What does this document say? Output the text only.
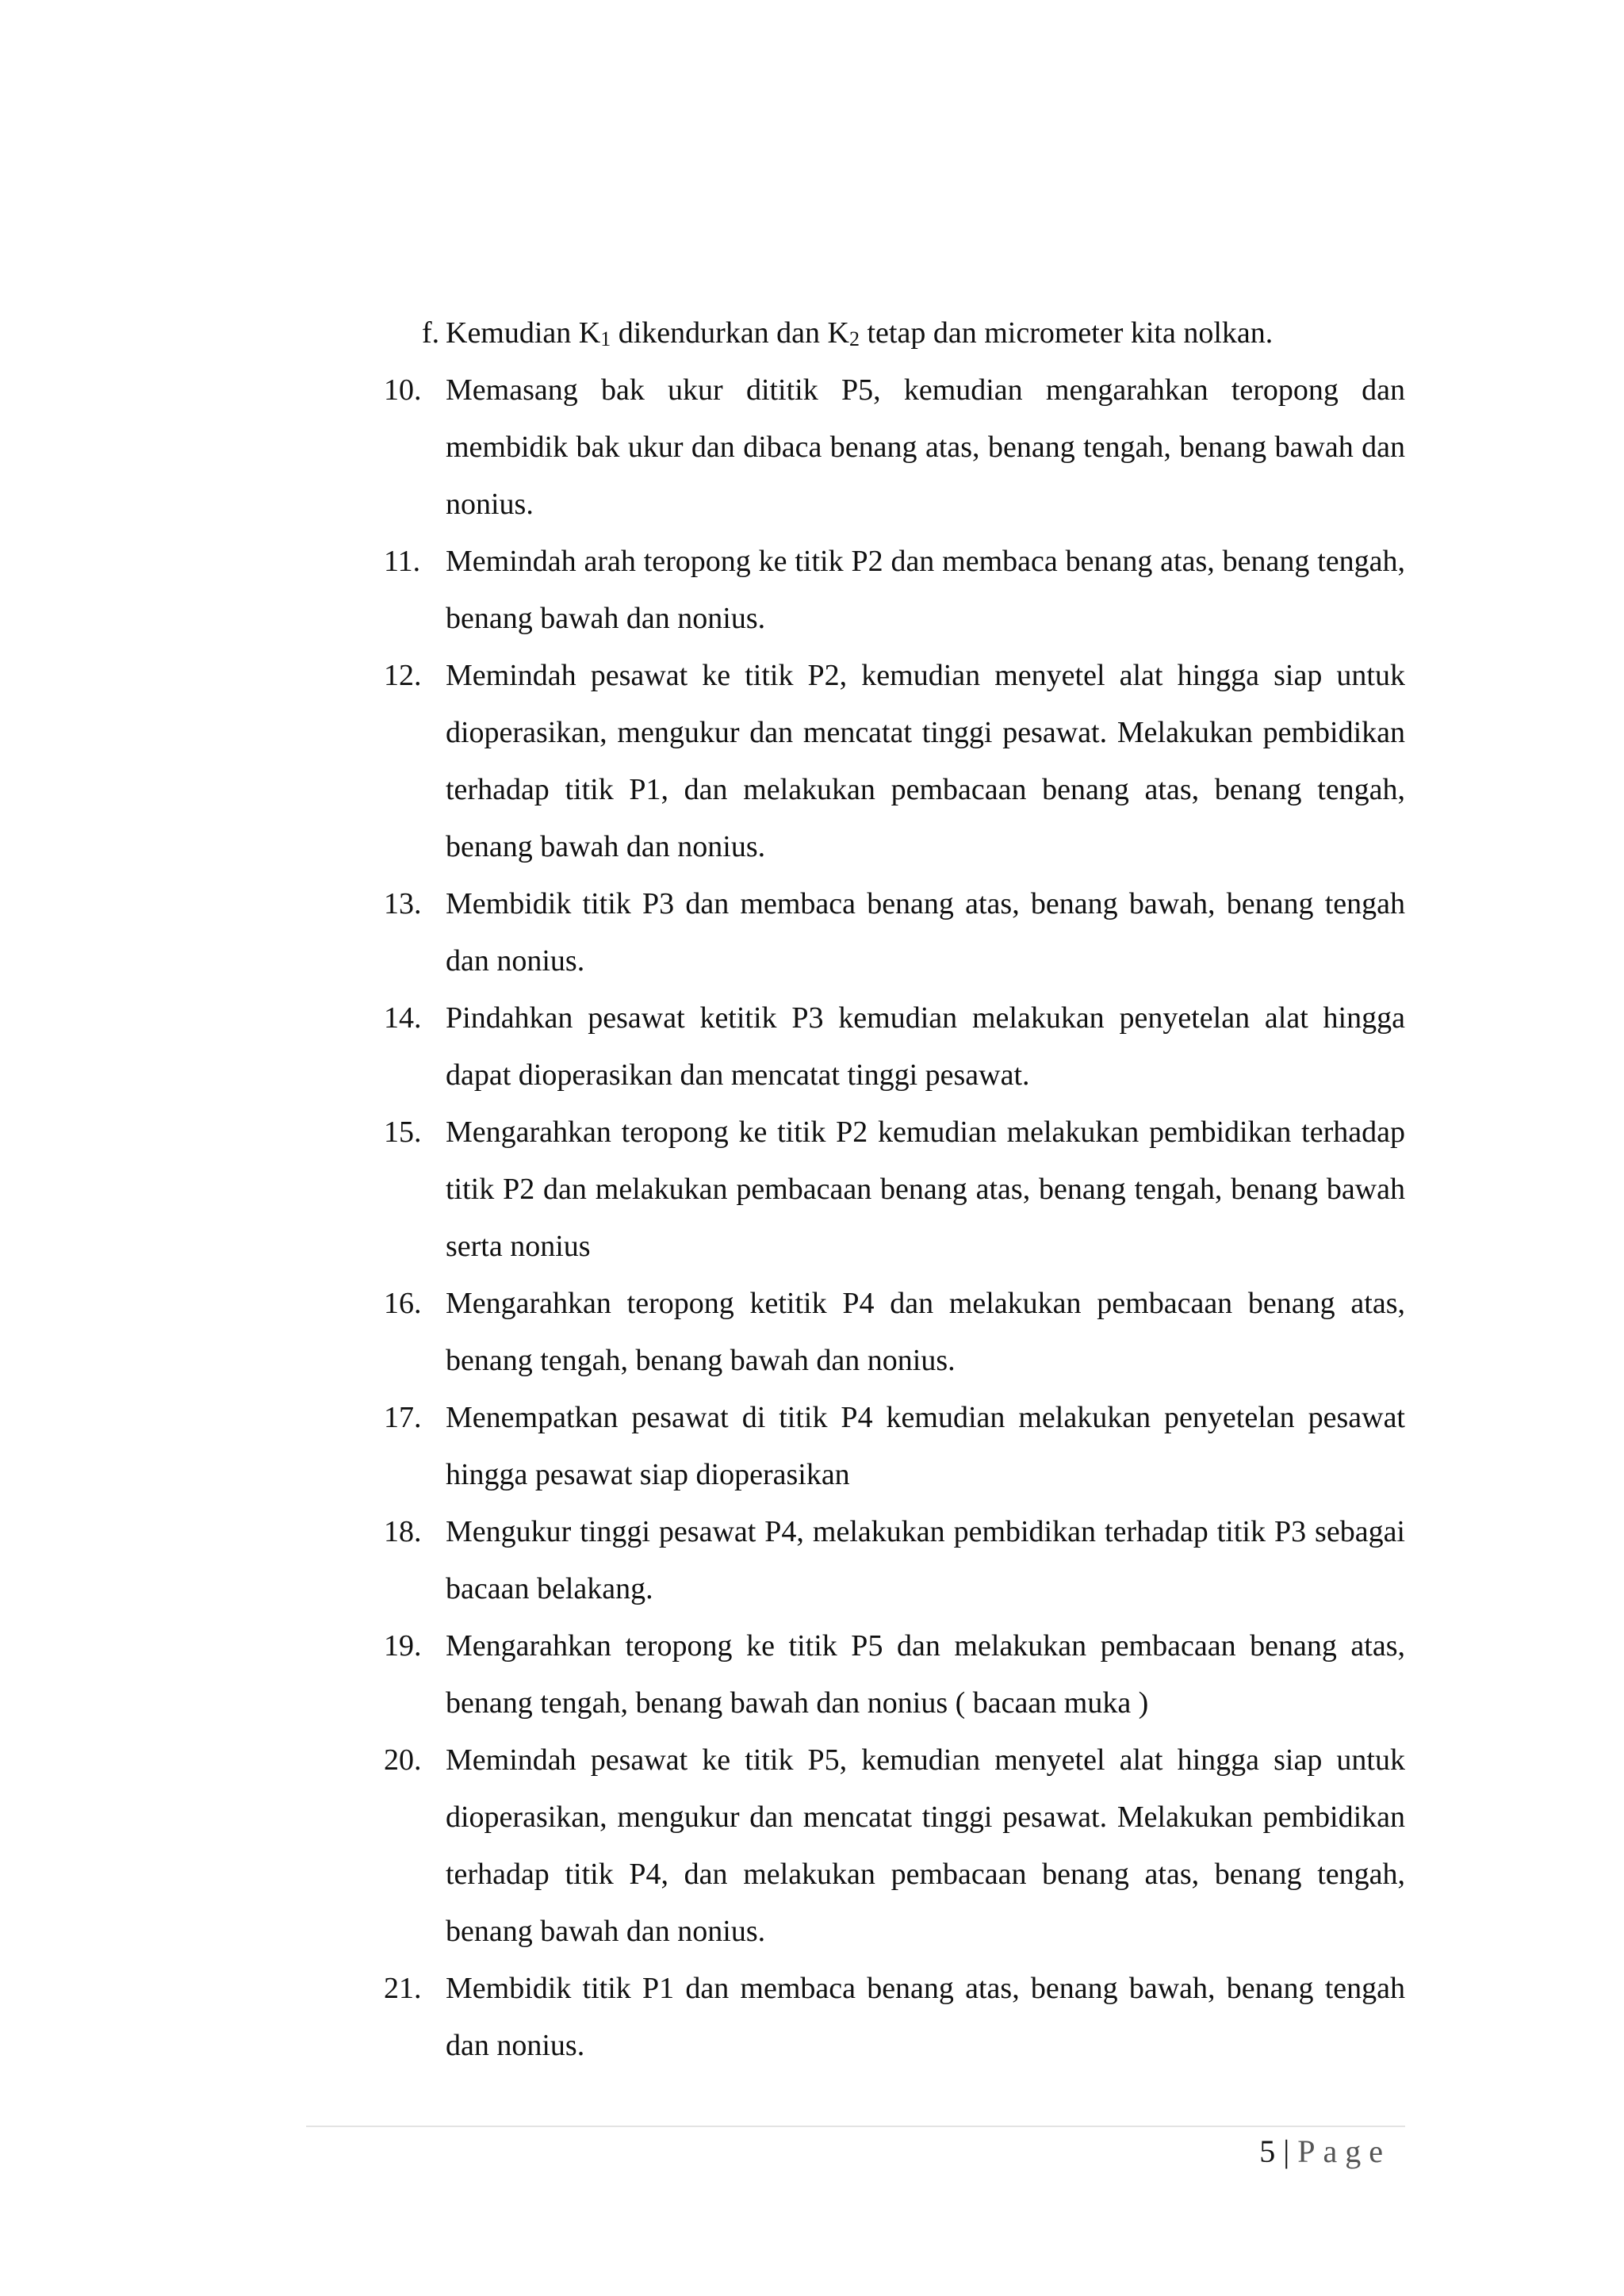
f. Kemudian $K_1$ dikendurkan dan $K_2$ tetap dan micrometer kita nolkan.
10. Memasang bak ukur dititik P5, kemudian mengarahkan teropong dan membidik bak ukur dan dibaca benang atas, benang tengah, benang bawah dan nonius.
11. Memindah arah teropong ke titik P2 dan membaca benang atas, benang tengah, benang bawah dan nonius.
12. Memindah pesawat ke titik P2, kemudian menyetel alat hingga siap untuk dioperasikan, mengukur dan mencatat tinggi pesawat. Melakukan pembidikan terhadap titik P1, dan melakukan pembacaan benang atas, benang tengah, benang bawah dan nonius.
13. Membidik titik P3 dan membaca benang atas, benang bawah, benang tengah dan nonius.
14. Pindahkan pesawat ketitik P3 kemudian melakukan penyetelan alat hingga dapat dioperasikan dan mencatat tinggi pesawat.
15. Mengarahkan teropong ke titik P2 kemudian melakukan pembidikan terhadap titik P2 dan melakukan pembacaan benang atas, benang tengah, benang bawah serta nonius
16. Mengarahkan teropong ketitik P4 dan melakukan pembacaan benang atas, benang tengah, benang bawah dan nonius.
17. Menempatkan pesawat di titik P4 kemudian melakukan penyetelan pesawat hingga pesawat siap dioperasikan
18. Mengukur tinggi pesawat P4, melakukan pembidikan terhadap titik P3 sebagai bacaan belakang.
19. Mengarahkan teropong ke titik P5 dan melakukan pembacaan benang atas, benang tengah, benang bawah dan nonius ( bacaan muka )
20. Memindah pesawat ke titik P5, kemudian menyetel alat hingga siap untuk dioperasikan, mengukur dan mencatat tinggi pesawat. Melakukan pembidikan terhadap titik P4, dan melakukan pembacaan benang atas, benang tengah, benang bawah dan nonius.
21. Membidik titik P1 dan membaca benang atas, benang bawah, benang tengah dan nonius.
5 | Page
